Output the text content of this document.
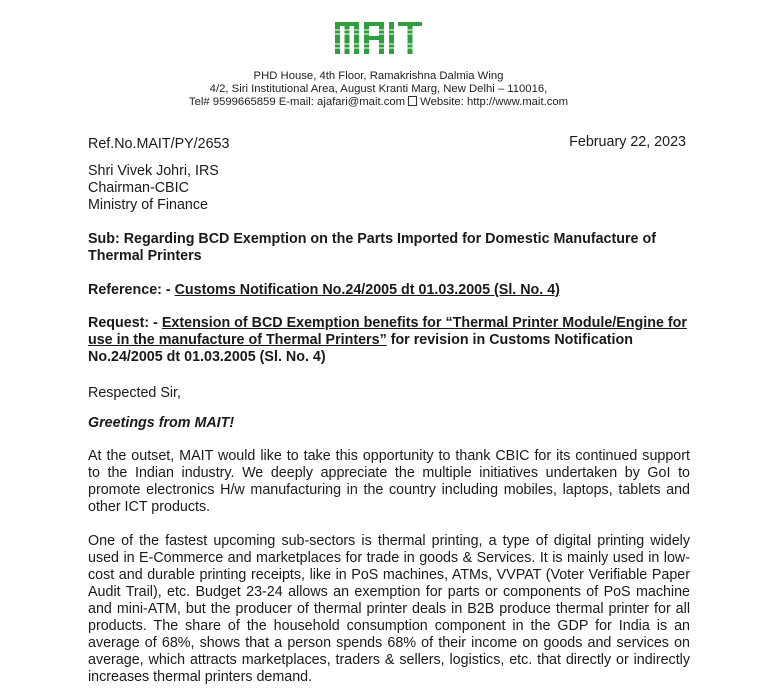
PHD House, 4th Floor, Ramakrishna Dalmia Wing
4/2, Siri Institutional Area, August Kranti Marg, New Delhi – 110016,
Tel# 9599665859 E-mail: ajafari@mait.com Website: http://www.mait.com
Ref.No.MAIT/PY/2653	February 22, 2023
Shri Vivek Johri, IRS
Chairman-CBIC
Ministry of Finance
Sub: Regarding BCD Exemption on the Parts Imported for Domestic Manufacture of Thermal Printers
Reference: - Customs Notification No.24/2005 dt 01.03.2005 (Sl. No. 4)
Request: - Extension of BCD Exemption benefits for “Thermal Printer Module/Engine for use in the manufacture of Thermal Printers” for revision in Customs Notification No.24/2005 dt 01.03.2005 (Sl. No. 4)
Respected Sir,
Greetings from MAIT!
At the outset, MAIT would like to take this opportunity to thank CBIC for its continued support to the Indian industry. We deeply appreciate the multiple initiatives undertaken by GoI to promote electronics H/w manufacturing in the country including mobiles, laptops, tablets and other ICT products.
One of the fastest upcoming sub-sectors is thermal printing, a type of digital printing widely used in E-Commerce and marketplaces for trade in goods & Services. It is mainly used in low-cost and durable printing receipts, like in PoS machines, ATMs, VVPAT (Voter Verifiable Paper Audit Trail), etc. Budget 23-24 allows an exemption for parts or components of PoS machine and mini-ATM, but the producer of thermal printer deals in B2B produce thermal printer for all products. The share of the household consumption component in the GDP for India is an average of 68%, shows that a person spends 68% of their income on goods and services on average, which attracts marketplaces, traders & sellers, logistics, etc. that directly or indirectly increases thermal printers demand.
